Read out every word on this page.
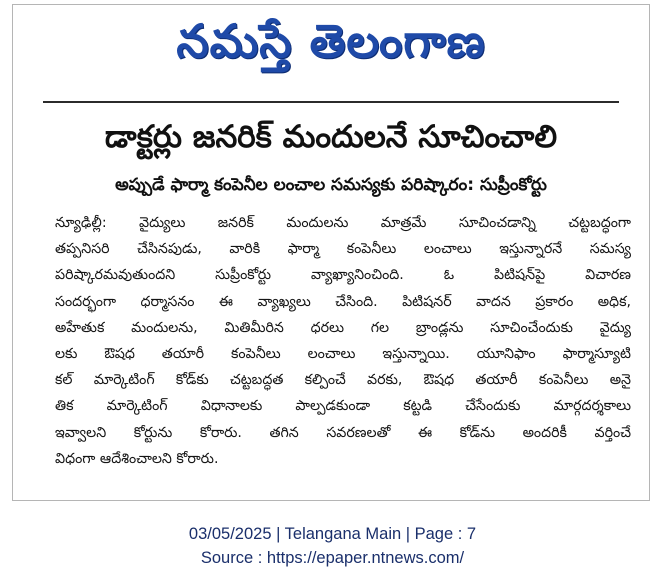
నమస్తే తెలంగాణ
డాక్టర్లు జనరిక్ మందులనే సూచించాలి
అప్పుడే ఫార్మా కంపెనీల లంచాల సమస్యకు పరిష్కారం: సుప్రీంకోర్టు
న్యూఢిల్లీ: వైద్యులు జనరిక్ మందులను మాత్రమే సూచించడాన్ని చట్టబద్ధంగా
తప్పనిసరి చేసినపుడు, వారికి ఫార్మా కంపెనీలు లంచాలు ఇస్తున్నారనే సమస్య
పరిష్కారమవుతుందని సుప్రీంకోర్టు వ్యాఖ్యానించింది. ఓ పిటిషన్‌పై విచారణ
సందర్భంగా ధర్మాసనం ఈ వ్యాఖ్యలు చేసింది. పిటిషనర్ వాదన ప్రకారం అధిక,
అహేతుక మందులను, మితిమీరిన ధరలు గల బ్రాండ్లను సూచించేందుకు వైద్యు
లకు ఔషధ తయారీ కంపెనీలు లంచాలు ఇస్తున్నాయి. యూనిఫాం ఫార్మాస్యూటి
కల్ మార్కెటింగ్ కోడ్‌కు చట్టబద్ధత కల్పించే వరకు, ఔషధ తయారీ కంపెనీలు అనై
తిక మార్కెటింగ్ విధానాలకు పాల్పడకుండా కట్టడి చేసేందుకు మార్గదర్శకాలు
ఇవ్వాలని కోర్టును కోరారు. తగిన సవరణలతో ఈ కోడ్‌ను అందరికీ వర్తించే
విధంగా ఆదేశించాలని కోరారు.
03/05/2025 | Telangana Main | Page : 7
Source : https://epaper.ntnews.com/
